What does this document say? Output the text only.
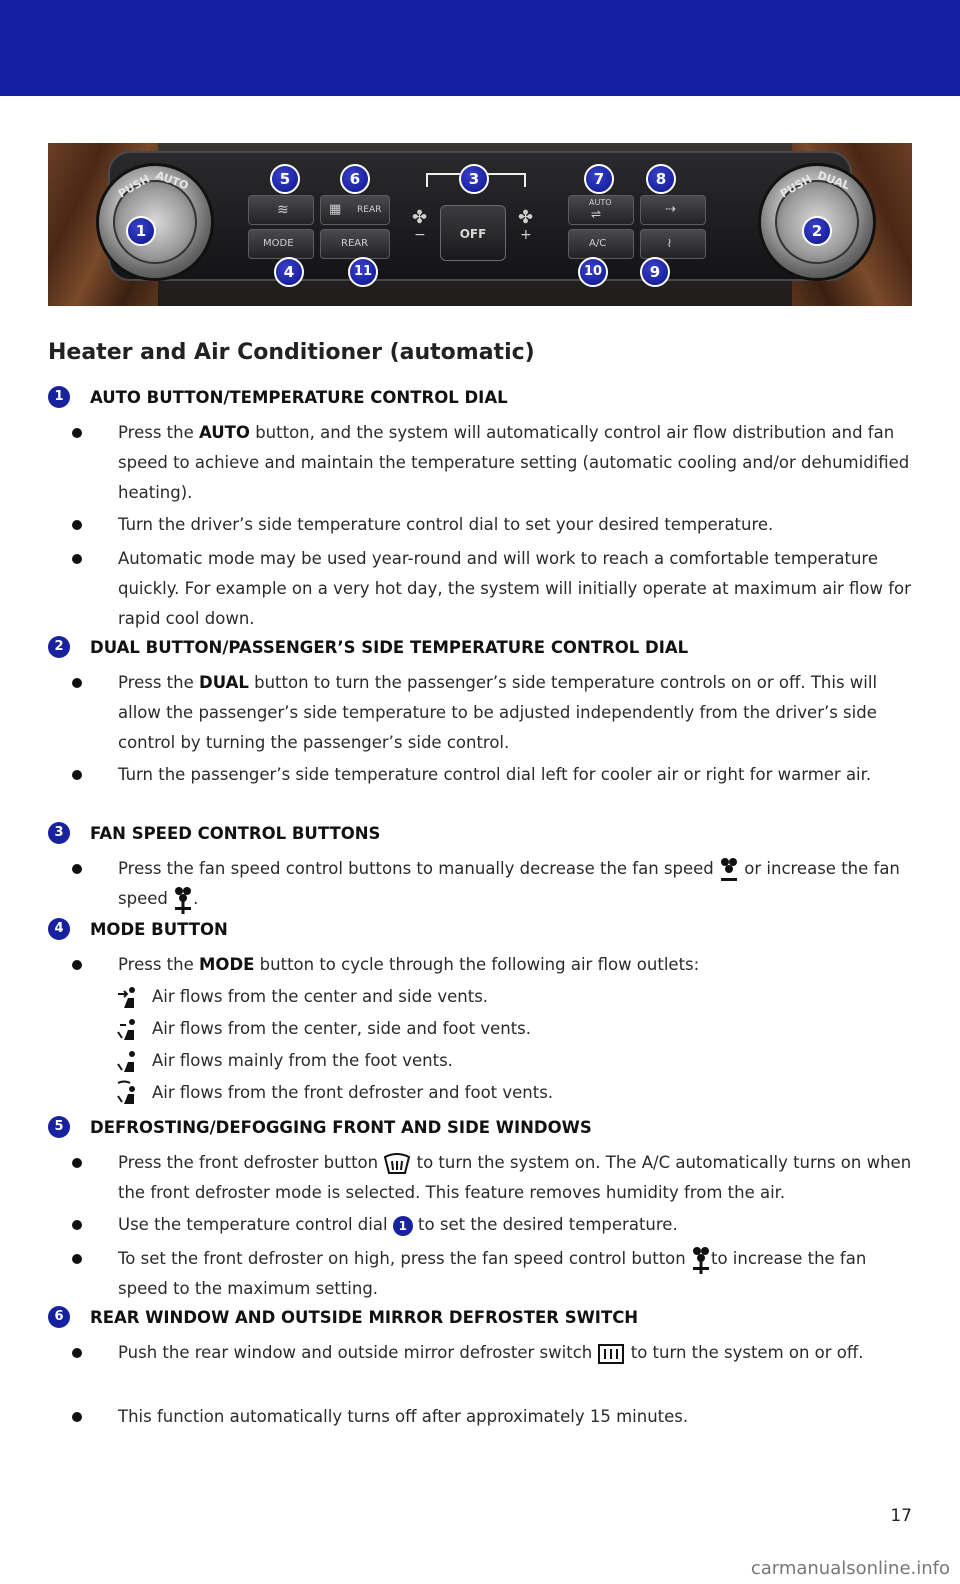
PUSH AUTO	PUSH DUAL
≋	▦ REAR
MODE	REAR
✤
−	OFF
✤
+
AUTO
⇌	⇢
A/C	≀
1	2
3
4
5	6	7	8
9
10
11
Heater and Air Conditioner (automatic)
1	AUTO BUTTON/TEMPERATURE CONTROL DIAL
Press the AUTO button, and the system will automatically control air flow distribution and fan speed to achieve and maintain the temperature setting (automatic cooling and/or dehumidified heating).
Turn the driver’s side temperature control dial to set your desired temperature.
Automatic mode may be used year-round and will work to reach a comfortable temperature quickly. For example on a very hot day, the system will initially operate at maximum air flow for rapid cool down.
2	DUAL BUTTON/PASSENGER’S SIDE TEMPERATURE CONTROL DIAL
Press the DUAL button to turn the passenger’s side temperature controls on or off. This will allow the passenger’s side temperature to be adjusted independently from the driver’s side control by turning the passenger’s side control.
Turn the passenger’s side temperature control dial left for cooler air or right for warmer air.
3	FAN SPEED CONTROL BUTTONS
Press the fan speed control buttons to manually decrease the fan speed  or increase the fan speed .
4	MODE BUTTON
Press the MODE button to cycle through the following air flow outlets:
Air flows from the center and side vents.
Air flows from the center, side and foot vents.
Air flows mainly from the foot vents.
Air flows from the front defroster and foot vents.
5	DEFROSTING/DEFOGGING FRONT AND SIDE WINDOWS
Press the front defroster button  to turn the system on. The A/C automatically turns on when the front defroster mode is selected. This feature removes humidity from the air.
Use the temperature control dial 1 to set the desired temperature.
To set the front defroster on high, press the fan speed control button to increase the fan speed to the maximum setting.
6	REAR WINDOW AND OUTSIDE MIRROR DEFROSTER SWITCH
Push the rear window and outside mirror defroster switch  to turn the system on or off.
This function automatically turns off after approximately 15 minutes.
17
carmanualsonline.info
